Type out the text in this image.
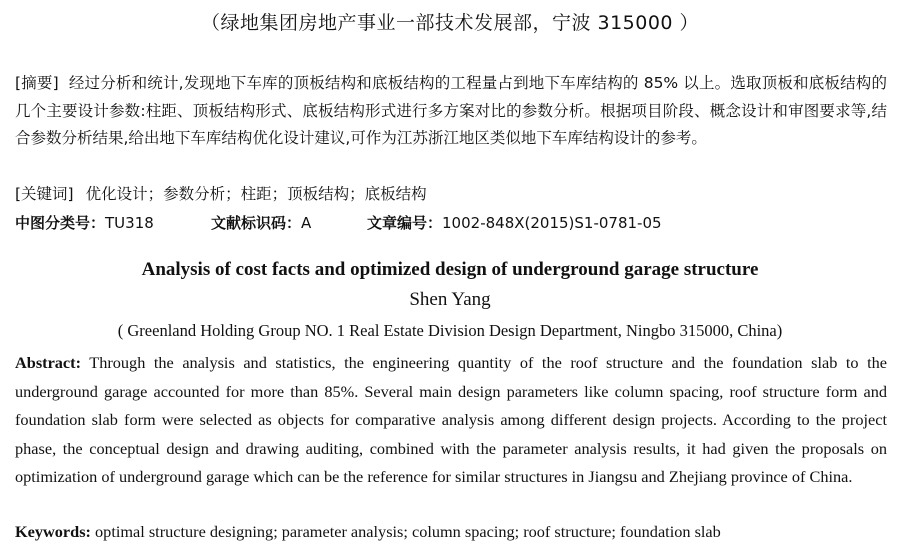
（绿地集团房地产事业一部技术发展部，宁波 315000 ）
[摘要] 经过分析和统计,发现地下车库的顶板结构和底板结构的工程量占到地下车库结构的 85% 以上。选取顶板和底板结构的几个主要设计参数:柱距、顶板结构形式、底板结构形式进行多方案对比的参数分析。根据项目阶段、概念设计和审图要求等,结合参数分析结果,给出地下车库结构优化设计建议,可作为江苏浙江地区类似地下车库结构设计的参考。
[关键词] 优化设计；参数分析；柱距；顶板结构；底板结构
中图分类号：TU318	文献标识码：A	文章编号：1002-848X(2015)S1-0781-05
Analysis of cost facts and optimized design of underground garage structure
Shen Yang
( Greenland Holding Group NO. 1 Real Estate Division Design Department, Ningbo 315000, China)
Abstract: Through the analysis and statistics, the engineering quantity of the roof structure and the foundation slab to the underground garage accounted for more than 85%. Several main design parameters like column spacing, roof structure form and foundation slab form were selected as objects for comparative analysis among different design projects. According to the project phase, the conceptual design and drawing auditing, combined with the parameter analysis results, it had given the proposals on optimization of underground garage which can be the reference for similar structures in Jiangsu and Zhejiang province of China.
Keywords: optimal structure designing; parameter analysis; column spacing; roof structure; foundation slab
